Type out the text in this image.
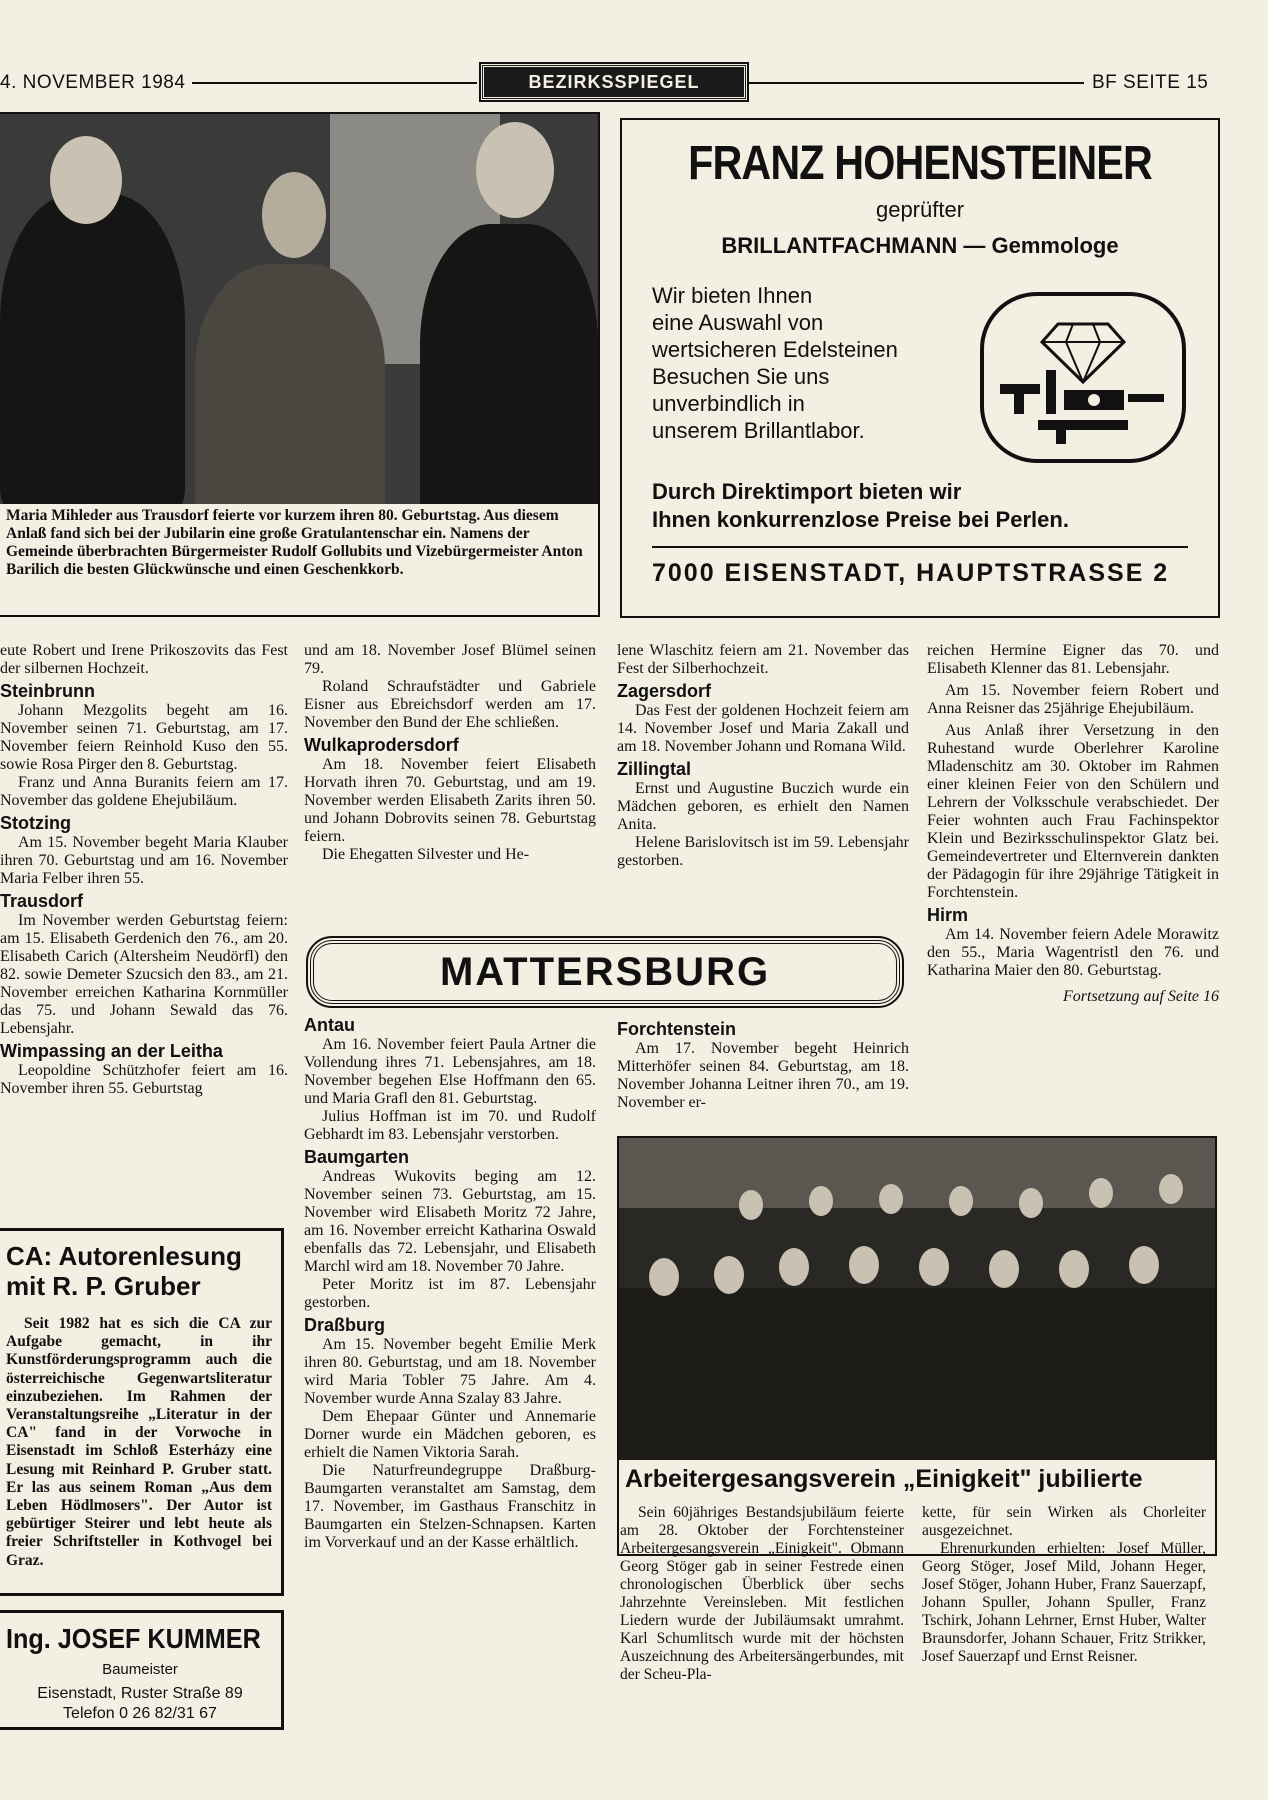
4. NOVEMBER 1984	BEZIRKSSPIEGEL	BF SEITE 15
Maria Mihleder aus Trausdorf feierte vor kurzem ihren 80. Geburtstag. Aus diesem Anlaß fand sich bei der Jubilarin eine große Gratulantenschar ein. Namens der Gemeinde überbrachten Bürgermeister Rudolf Gollubits und Vizebürgermeister Anton Barilich die besten Glückwünsche und einen Geschenkkorb.
FRANZ HOHENSTEINER
geprüfter
BRILLANTFACHMANN — Gemmologe
Wir bieten Ihnen
eine Auswahl von
wertsicheren Edelsteinen
Besuchen Sie uns
unverbindlich in
unserem Brillantlabor.
Durch Direktimport bieten wir
Ihnen konkurrenzlose Preise bei Perlen.
7000 EISENSTADT, HAUPTSTRASSE 2

eute Robert und Irene Prikoszovits das Fest der silbernen Hochzeit.

Steinbrunn

Johann Mezgolits begeht am 16. November seinen 71. Geburtstag, am 17. November feiern Reinhold Kuso den 55. sowie Rosa Pirger den 8. Geburtstag.

Franz und Anna Buranits feiern am 17. November das goldene Ehejubiläum.

Stotzing

Am 15. November begeht Maria Klauber ihren 70. Geburtstag und am 16. November Maria Felber ihren 55.

Trausdorf

Im November werden Geburtstag feiern: am 15. Elisabeth Gerdenich den 76., am 20. Elisabeth Carich (Altersheim Neudörfl) den 82. sowie Demeter Szucsich den 83., am 21. November erreichen Katharina Kornmüller das 75. und Johann Sewald das 76. Lebensjahr.

Wimpassing an der Leitha

Leopoldine Schützhofer feiert am 16. November ihren 55. Geburtstag

CA: Autorenlesung mit R. P. Gruber
Seit 1982 hat es sich die CA zur Aufgabe gemacht, in ihr Kunstförderungsprogramm auch die österreichische Gegenwartsliteratur einzubeziehen. Im Rahmen der Veranstaltungsreihe „Literatur in der CA" fand in der Vorwoche in Eisenstadt im Schloß Esterházy eine Lesung mit Reinhard P. Gruber statt. Er las aus seinem Roman „Aus dem Leben Hödlmosers". Der Autor ist gebürtiger Steirer und lebt heute als freier Schriftsteller in Kothvogel bei Graz.
Ing. JOSEF KUMMER
Baumeister
Eisenstadt, Ruster Straße 89
Telefon 0 26 82/31 67

und am 18. November Josef Blümel seinen 79.

Roland Schraufstädter und Gabriele Eisner aus Ebreichsdorf werden am 17. November den Bund der Ehe schließen.

Wulkaprodersdorf

Am 18. November feiert Elisabeth Horvath ihren 70. Geburtstag, und am 19. November werden Elisabeth Zarits ihren 50. und Johann Dobrovits seinen 78. Geburtstag feiern.

Die Ehegatten Silvester und He-

lene Wlaschitz feiern am 21. November das Fest der Silberhochzeit.

Zagersdorf

Das Fest der goldenen Hochzeit feiern am 14. November Josef und Maria Zakall und am 18. November Johann und Romana Wild.

Zillingtal

Ernst und Augustine Buczich wurde ein Mädchen geboren, es erhielt den Namen Anita.

Helene Barislovitsch ist im 59. Lebensjahr gestorben.

reichen Hermine Eigner das 70. und Elisabeth Klenner das 81. Lebensjahr.

Am 15. November feiern Robert und Anna Reisner das 25jährige Ehejubiläum.

Aus Anlaß ihrer Versetzung in den Ruhestand wurde Oberlehrer Karoline Mladenschitz am 30. Oktober im Rahmen einer kleinen Feier von den Schülern und Lehrern der Volksschule verabschiedet. Der Feier wohnten auch Frau Fachinspektor Klein und Bezirksschulinspektor Glatz bei. Gemeindevertreter und Elternverein dankten der Pädagogin für ihre 29jährige Tätigkeit in Forchtenstein.

Hirm

Am 14. November feiern Adele Morawitz den 55., Maria Wagentristl den 76. und Katharina Maier den 80. Geburtstag.

Fortsetzung auf Seite 16
MATTERSBURG
Antau

Am 16. November feiert Paula Artner die Vollendung ihres 71. Lebensjahres, am 18. November begehen Else Hoffmann den 65. und Maria Grafl den 81. Geburtstag.

Julius Hoffman ist im 70. und Rudolf Gebhardt im 83. Lebensjahr verstorben.

Baumgarten

Andreas Wukovits beging am 12. November seinen 73. Geburtstag, am 15. November wird Elisabeth Moritz 72 Jahre, am 16. November erreicht Katharina Oswald ebenfalls das 72. Lebensjahr, und Elisabeth Marchl wird am 18. November 70 Jahre.

Peter Moritz ist im 87. Lebensjahr gestorben.

Draßburg

Am 15. November begeht Emilie Merk ihren 80. Geburtstag, und am 18. November wird Maria Tobler 75 Jahre. Am 4. November wurde Anna Szalay 83 Jahre.

Dem Ehepaar Günter und Annemarie Dorner wurde ein Mädchen geboren, es erhielt die Namen Viktoria Sarah.

Die Naturfreundegruppe Draßburg-Baumgarten veranstaltet am Samstag, dem 17. November, im Gasthaus Franschitz in Baumgarten ein Stelzen-Schnapsen. Karten im Vorverkauf und an der Kasse erhältlich.

Forchtenstein

Am 17. November begeht Heinrich Mitterhöfer seinen 84. Geburtstag, am 18. November Johanna Leitner ihren 70., am 19. November er-

Arbeitergesangsverein „Einigkeit" jubilierte

Sein 60jähriges Bestandsjubiläum feierte am 28. Oktober der Forchtensteiner Arbeitergesangsverein „Einigkeit". Obmann Georg Stöger gab in seiner Festrede einen chronologischen Überblick über sechs Jahrzehnte Vereinsleben. Mit festlichen Liedern wurde der Jubiläumsakt umrahmt. Karl Schumlitsch wurde mit der höchsten Auszeichnung des Arbeitersängerbundes, mit der Scheu-Pla-

kette, für sein Wirken als Chorleiter ausgezeichnet.

Ehrenurkunden erhielten: Josef Müller, Georg Stöger, Josef Mild, Johann Heger, Josef Stöger, Johann Huber, Franz Sauerzapf, Johann Spuller, Johann Spuller, Franz Tschirk, Johann Lehrner, Ernst Huber, Walter Braunsdorfer, Johann Schauer, Fritz Strikker, Josef Sauerzapf und Ernst Reisner.
